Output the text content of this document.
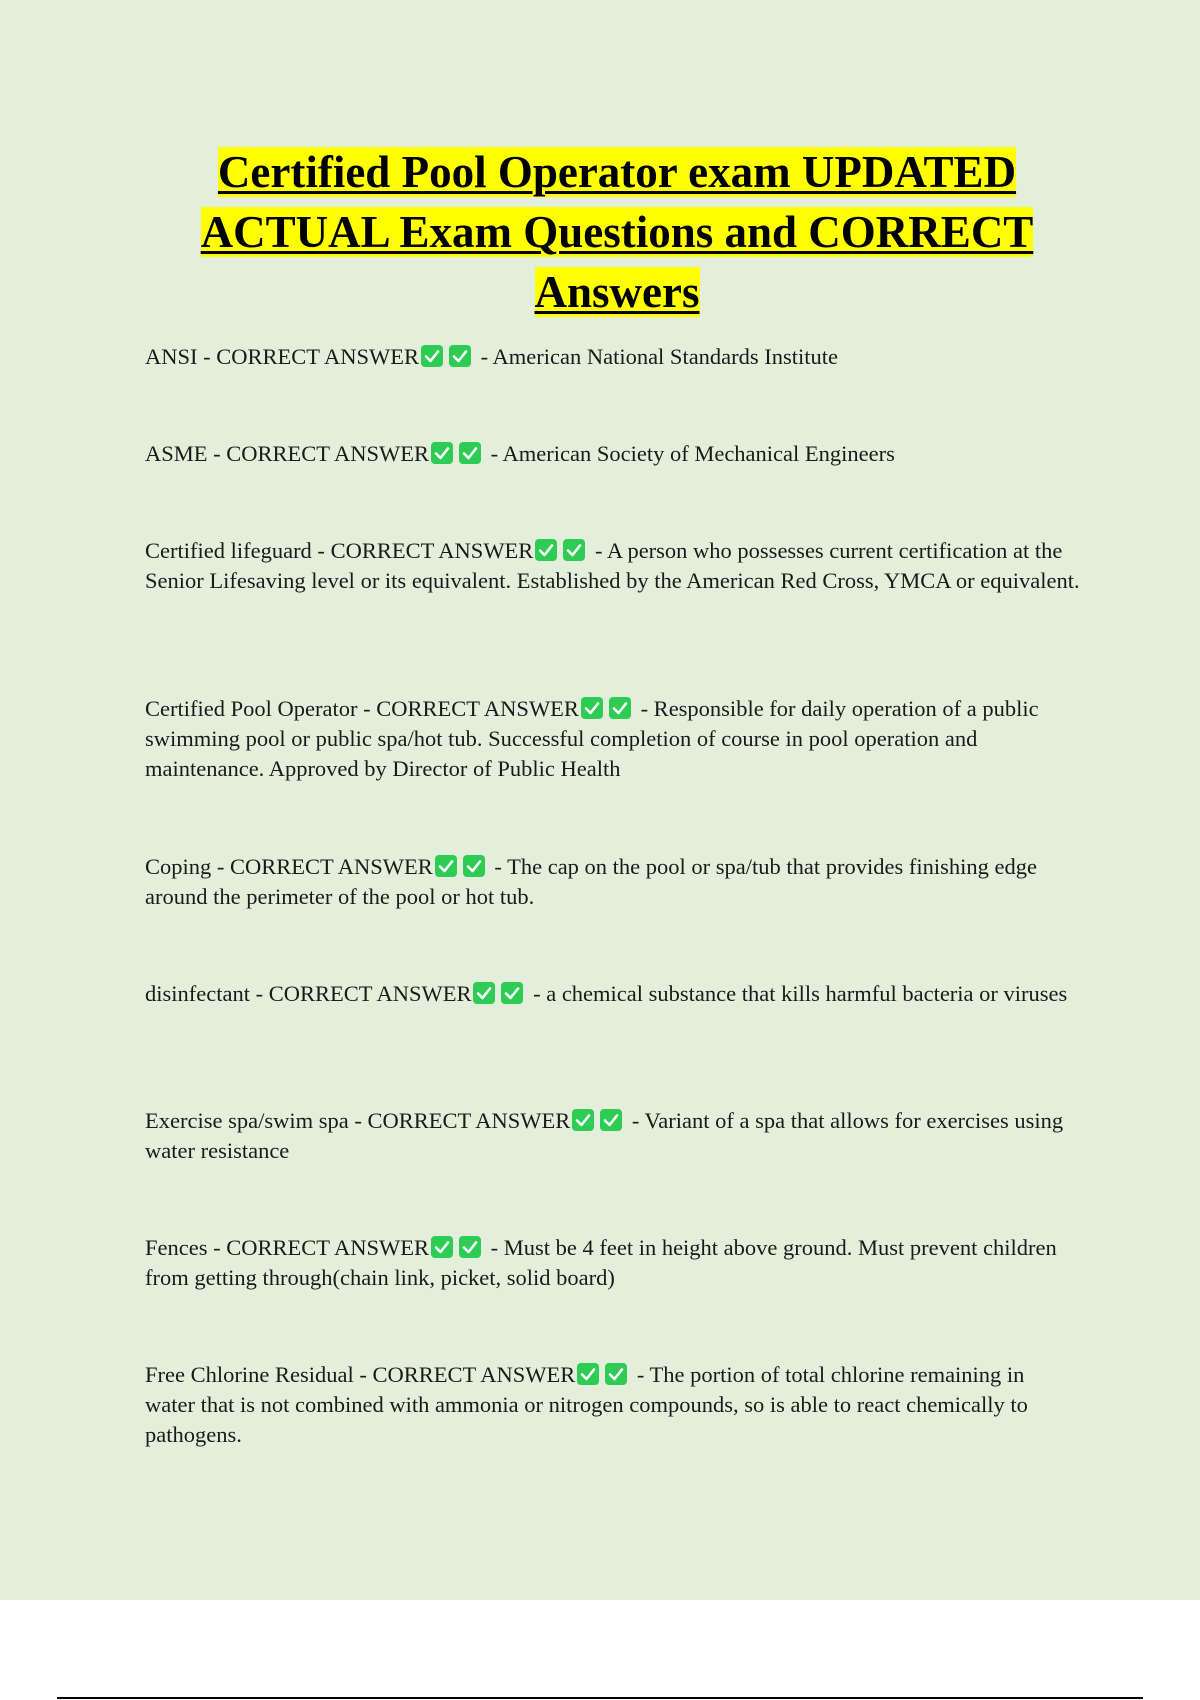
Certified Pool Operator exam UPDATED
ACTUAL Exam Questions and CORRECT
Answers

ANSI - CORRECT ANSWER
- American National Standards Institute

ASME - CORRECT ANSWER
- American Society of Mechanical Engineers

Certified lifeguard - CORRECT ANSWER
- A person who possesses current certification at the Senior Lifesaving level or its equivalent. Established by the American Red Cross, YMCA or equivalent.

Certified Pool Operator - CORRECT ANSWER
- Responsible for daily operation of a public swimming pool or public spa/hot tub. Successful completion of course in pool operation and maintenance. Approved by Director of Public Health

Coping - CORRECT ANSWER
- The cap on the pool or spa/tub that provides finishing edge around the perimeter of the pool or hot tub.

disinfectant - CORRECT ANSWER
- a chemical substance that kills harmful bacteria or viruses

Exercise spa/swim spa - CORRECT ANSWER
- Variant of a spa that allows for exercises using water resistance

Fences - CORRECT ANSWER
- Must be 4 feet in height above ground. Must prevent children from getting through(chain link, picket, solid board)

Free Chlorine Residual - CORRECT ANSWER
- The portion of total chlorine remaining in water that is not combined with ammonia or nitrogen compounds, so is able to react chemically to pathogens.
